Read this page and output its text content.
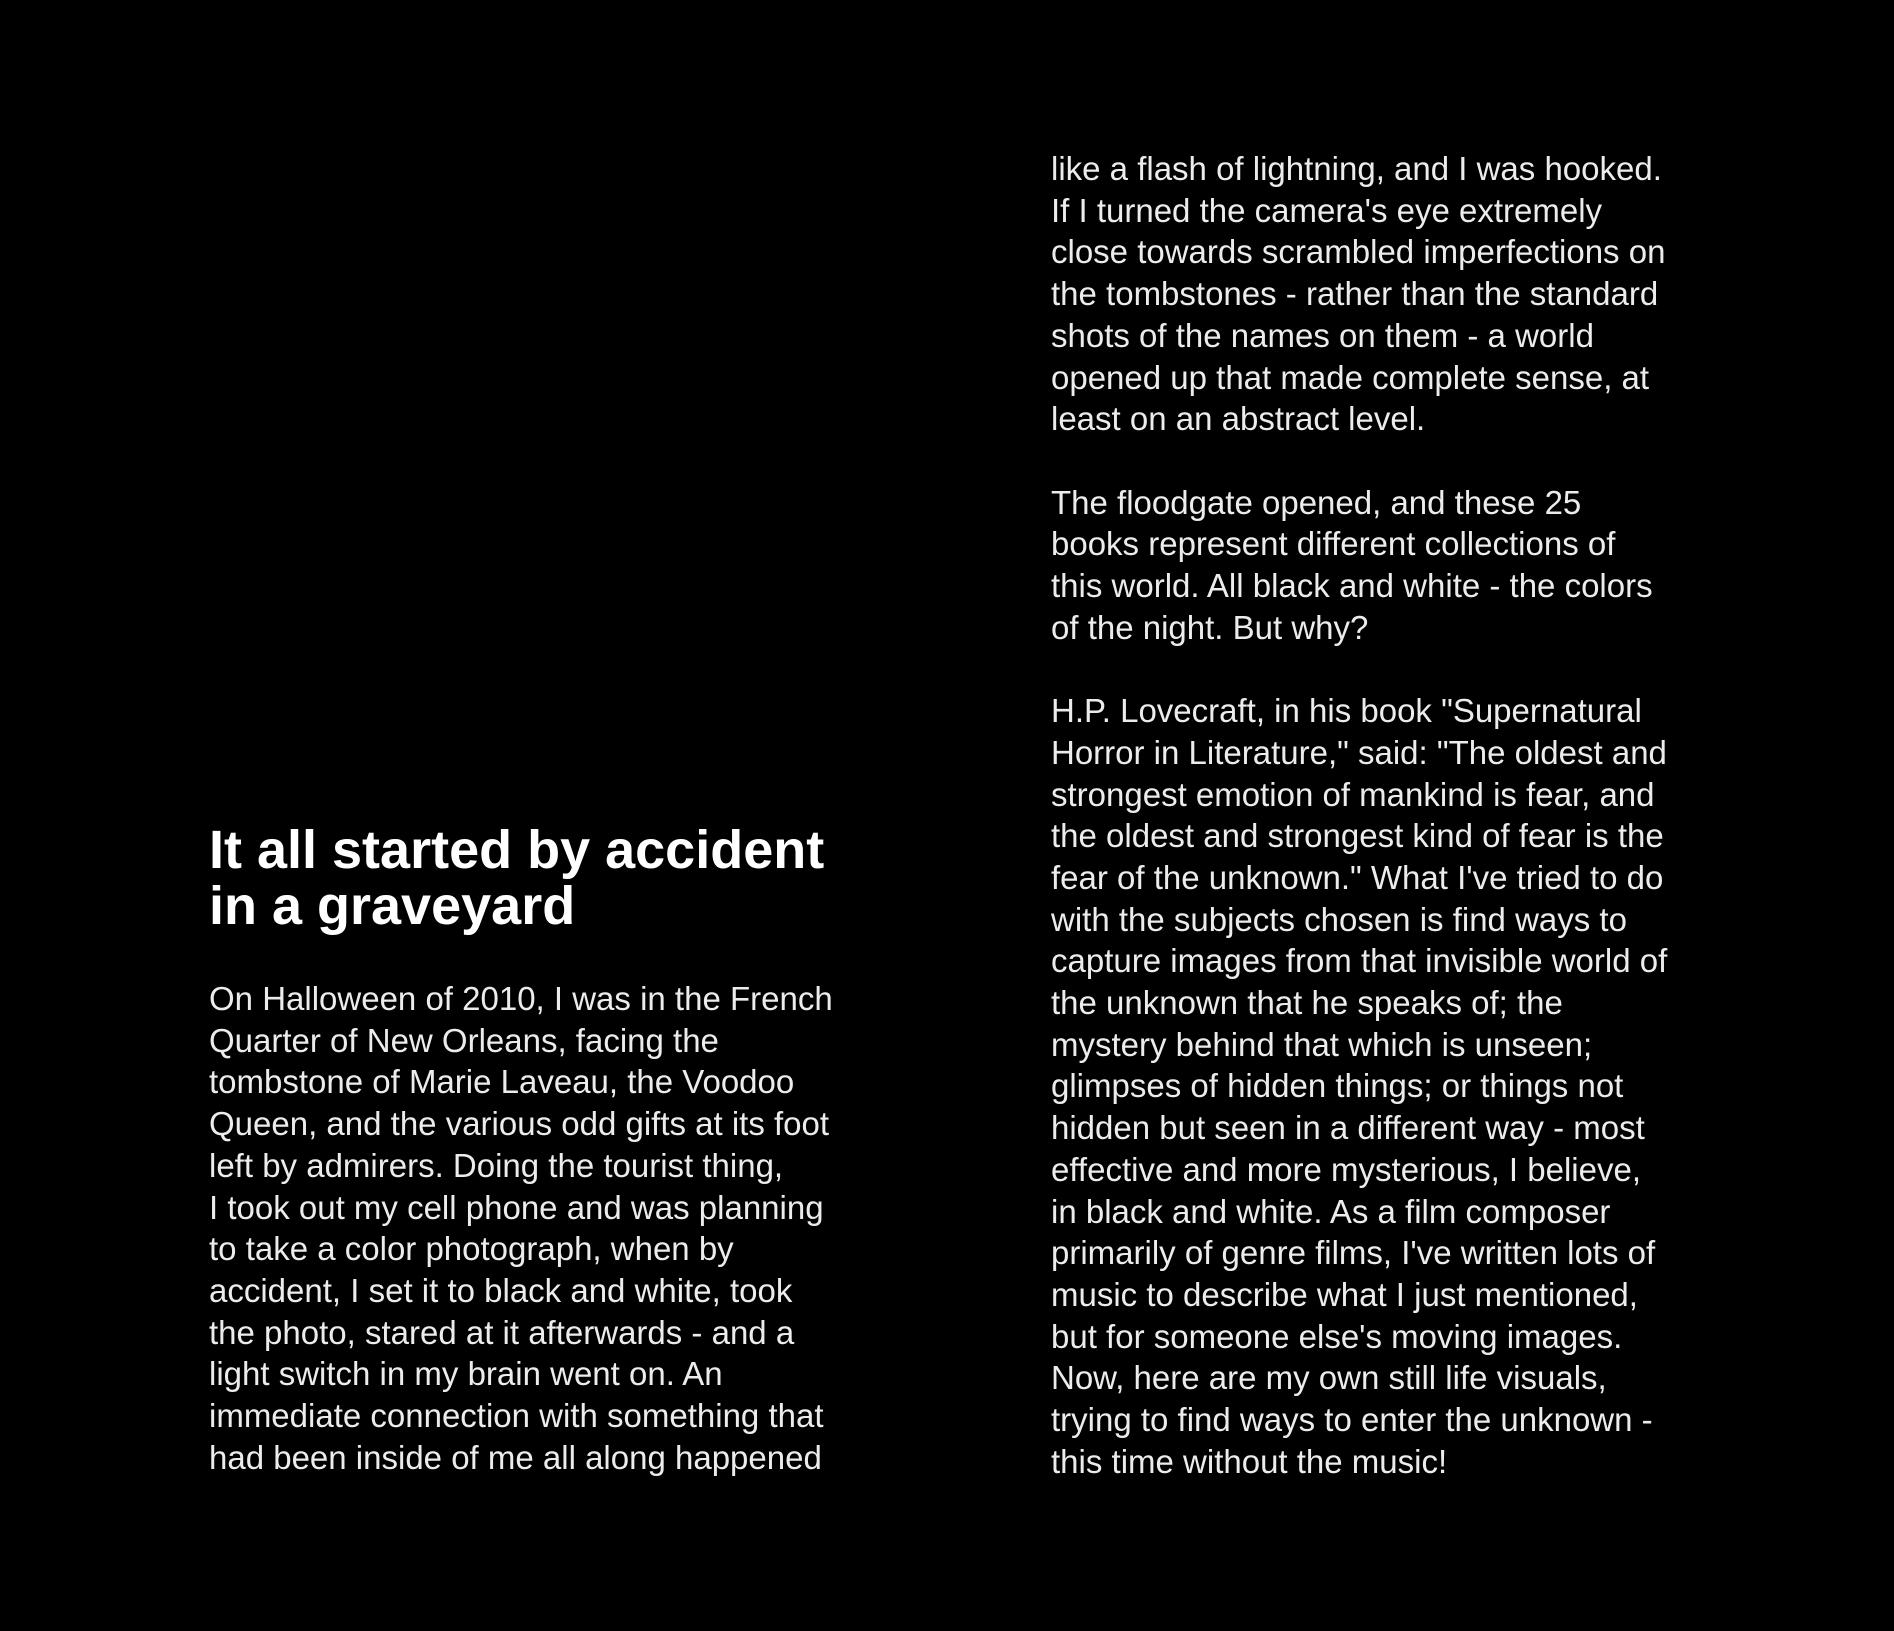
It all started by accident
in a graveyard
On Halloween of 2010, I was in the French
Quarter of New Orleans, facing the
tombstone of Marie Laveau, the Voodoo
Queen, and the various odd gifts at its foot
left by admirers. Doing the tourist thing,
I took out my cell phone and was planning
to take a color photograph, when by
accident, I set it to black and white, took
the photo, stared at it afterwards - and a
light switch in my brain went on. An
immediate connection with something that
had been inside of me all along happened
like a flash of lightning, and I was hooked.
If I turned the camera's eye extremely
close towards scrambled imperfections on
the tombstones - rather than the standard
shots of the names on them - a world
opened up that made complete sense, at
least on an abstract level.
The floodgate opened, and these 25
books represent different collections of
this world. All black and white - the colors
of the night. But why?
H.P. Lovecraft, in his book "Supernatural
Horror in Literature," said: "The oldest and
strongest emotion of mankind is fear, and
the oldest and strongest kind of fear is the
fear of the unknown." What I've tried to do
with the subjects chosen is find ways to
capture images from that invisible world of
the unknown that he speaks of; the
mystery behind that which is unseen;
glimpses of hidden things; or things not
hidden but seen in a different way - most
effective and more mysterious, I believe,
in black and white. As a film composer
primarily of genre films, I've written lots of
music to describe what I just mentioned,
but for someone else's moving images.
Now, here are my own still life visuals,
trying to find ways to enter the unknown -
this time without the music!
